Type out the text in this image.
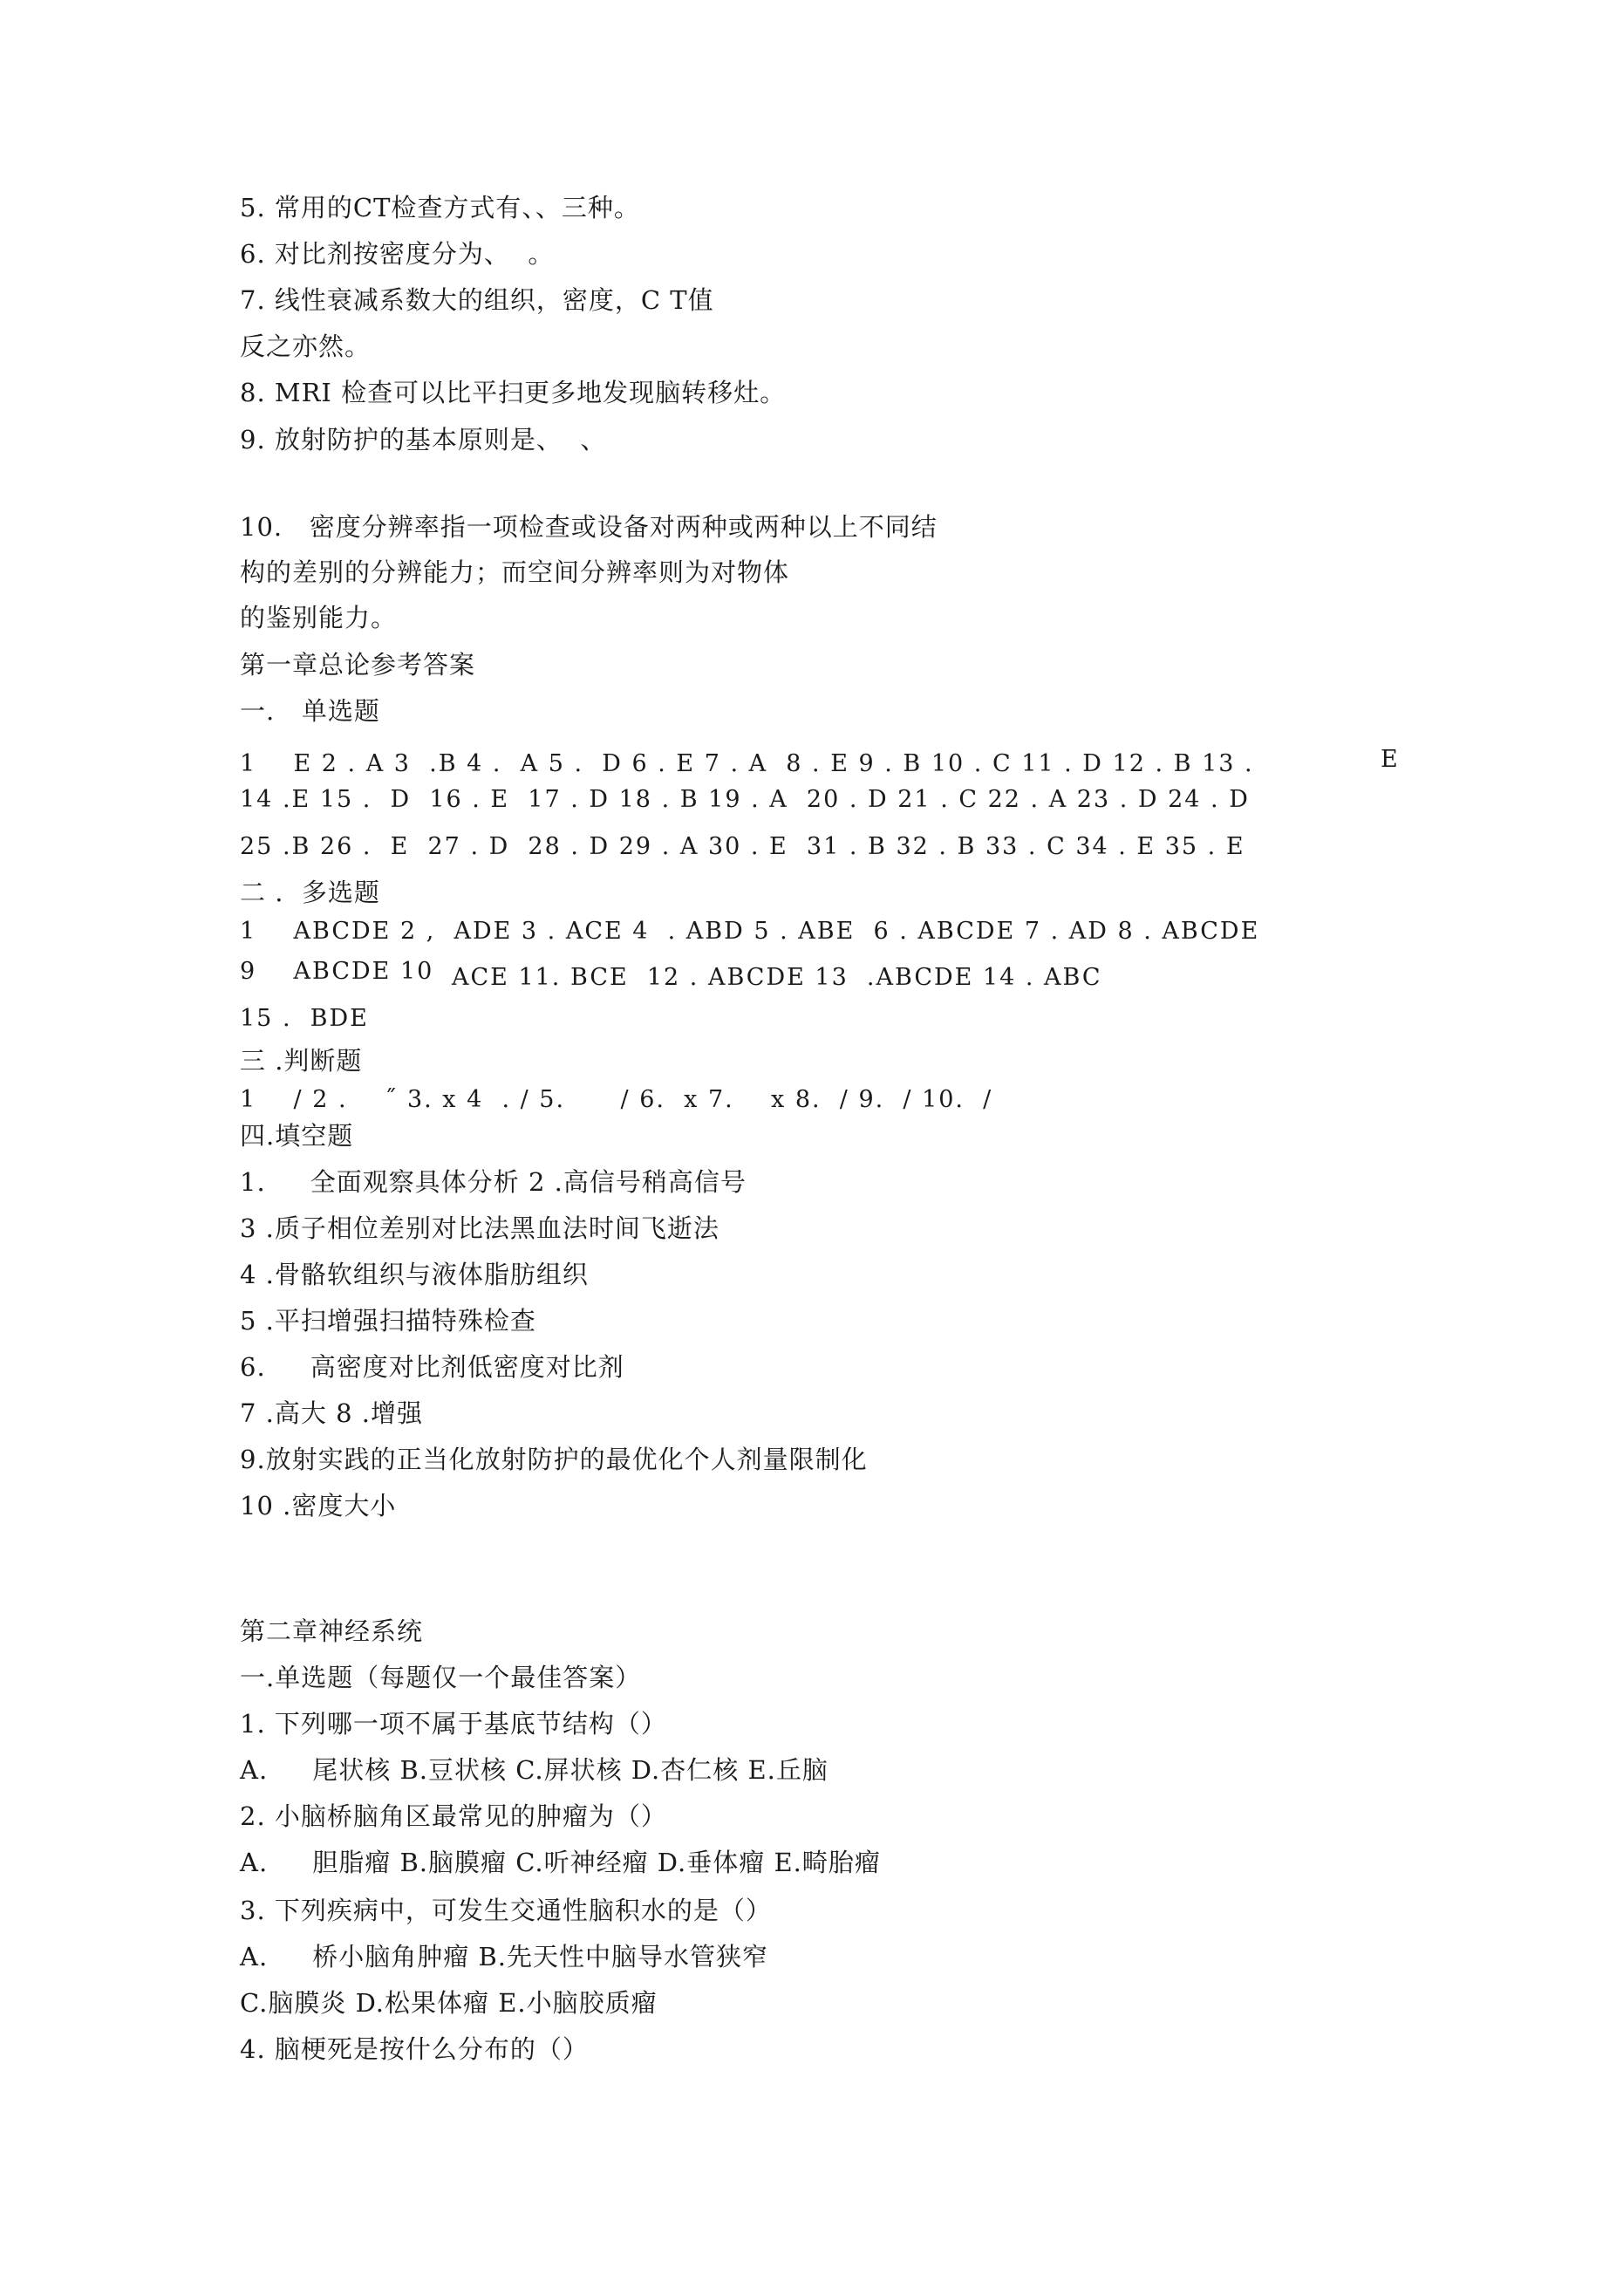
5. 常用的CT检查方式有、、三种。
6. 对比剂按密度分为、  。
7. 线性衰减系数大的组织，密度，C T值
反之亦然。
8. MRI 检查可以比平扫更多地发现脑转移灶。
9. 放射防护的基本原则是、  、
10.   密度分辨率指一项检查或设备对两种或两种以上不同结
构的差别的分辨能力；而空间分辨率则为对物体
的鉴别能力。
第一章总论参考答案
一.   单选题
1    E 2 . A 3  .B 4 .  A 5 .  D 6 . E 7 . A  8 . E 9 . B 10 . C 11 . D 12 . B 13 .	E
14 .E 15 .  D  16 . E  17 . D 18 . B 19 . A  20 . D 21 . C 22 . A 23 . D 24 . D
25 .B 26 .  E  27 . D  28 . D 29 . A 30 . E  31 . B 32 . B 33 . C 34 . E 35 . E
二 .  多选题
1    ABCDE 2 ,  ADE 3 . ACE 4  . ABD 5 . ABE  6 . ABCDE 7 . AD 8 . ABCDE
9    ABCDE 10 ACE 11. BCE  12 . ABCDE 13  .ABCDE 14 . ABC
15 .  BDE
三 .判断题
1    / 2 .    ˝ 3. x 4  . / 5.      / 6.  x 7.    x 8.  / 9.  / 10.  /
四.填空题
1.     全面观察具体分析 2 .高信号稍高信号
3 .质子相位差别对比法黑血法时间飞逝法
4 .骨骼软组织与液体脂肪组织
5 .平扫增强扫描特殊检查
6.     高密度对比剂低密度对比剂
7 .高大 8 .增强
9.放射实践的正当化放射防护的最优化个人剂量限制化
10 .密度大小
第二章神经系统
一.单选题（每题仅一个最佳答案）
1. 下列哪一项不属于基底节结构（）
A.     尾状核 B.豆状核 C.屏状核 D.杏仁核 E.丘脑
2. 小脑桥脑角区最常见的肿瘤为（）
A.     胆脂瘤 B.脑膜瘤 C.听神经瘤 D.垂体瘤 E.畸胎瘤
3. 下列疾病中，可发生交通性脑积水的是（）
A.     桥小脑角肿瘤 B.先天性中脑导水管狭窄
C.脑膜炎 D.松果体瘤 E.小脑胶质瘤
4. 脑梗死是按什么分布的（）
